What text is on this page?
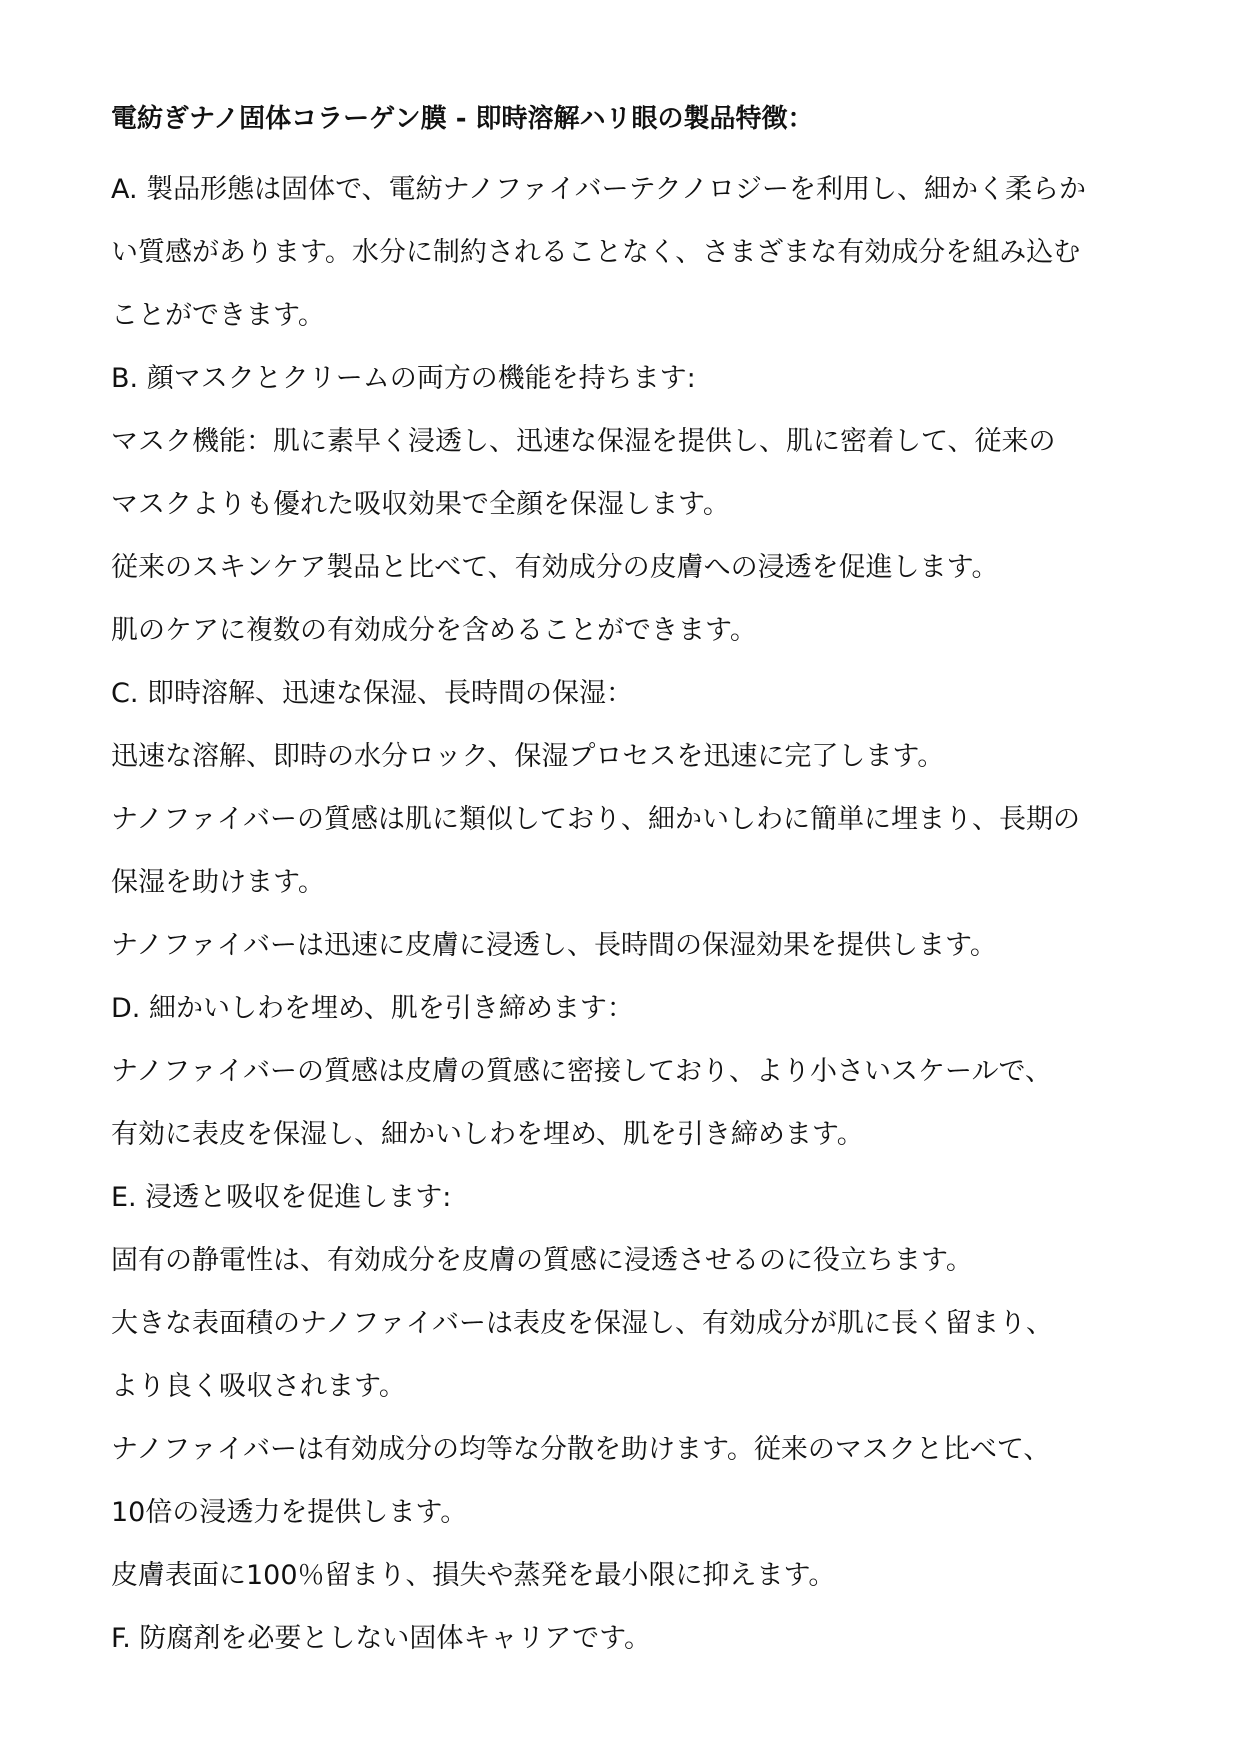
電紡ぎナノ固体コラーゲン膜 - 即時溶解ハリ眼の製品特徴：

A. 製品形態は固体で、電紡ナノファイバーテクノロジーを利用し、細かく柔らか

い質感があります。水分に制約されることなく、さまざまな有効成分を組み込む

ことができます。

B. 顔マスクとクリームの両方の機能を持ちます:

マスク機能：肌に素早く浸透し、迅速な保湿を提供し、肌に密着して、従来の

マスクよりも優れた吸収効果で全顔を保湿します。

従来のスキンケア製品と比べて、有効成分の皮膚への浸透を促進します。

肌のケアに複数の有効成分を含めることができます。

C. 即時溶解、迅速な保湿、長時間の保湿：

迅速な溶解、即時の水分ロック、保湿プロセスを迅速に完了します。

ナノファイバーの質感は肌に類似しており、細かいしわに簡単に埋まり、長期の

保湿を助けます。

ナノファイバーは迅速に皮膚に浸透し、長時間の保湿効果を提供します。

D. 細かいしわを埋め、肌を引き締めます：

ナノファイバーの質感は皮膚の質感に密接しており、より小さいスケールで、

有効に表皮を保湿し、細かいしわを埋め、肌を引き締めます。

E. 浸透と吸収を促進します:

固有の静電性は、有効成分を皮膚の質感に浸透させるのに役立ちます。

大きな表面積のナノファイバーは表皮を保湿し、有効成分が肌に長く留まり、

より良く吸収されます。

ナノファイバーは有効成分の均等な分散を助けます。従来のマスクと比べて、

10倍の浸透力を提供します。

皮膚表面に100％留まり、損失や蒸発を最小限に抑えます。

F. 防腐剤を必要としない固体キャリアです。
